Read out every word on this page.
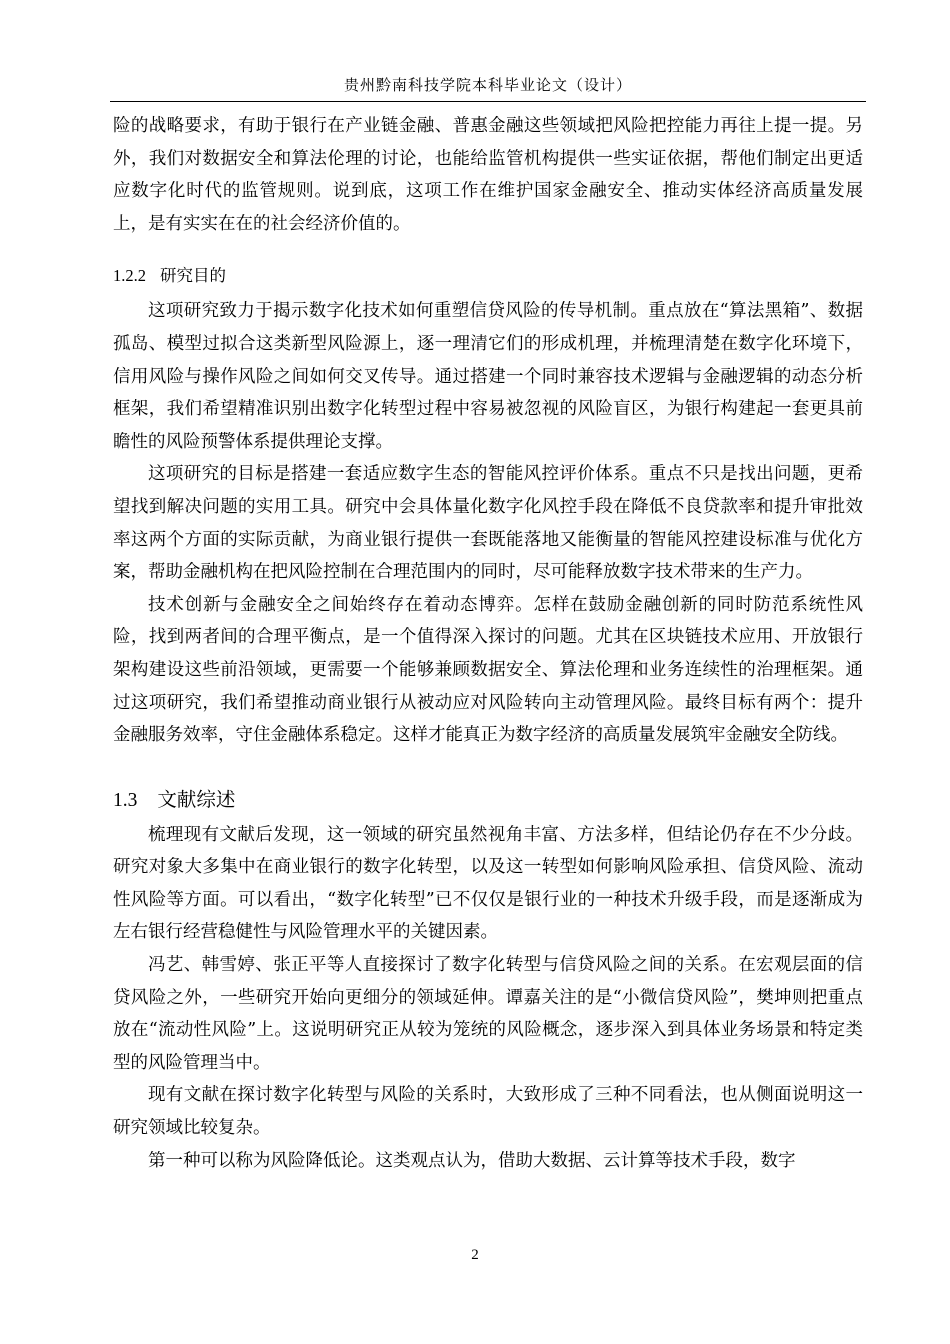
贵州黔南科技学院本科毕业论文（设计）

险的战略要求，有助于银行在产业链金融、普惠金融这些领域把风险把控能力再往上提一提。另外，我们对数据安全和算法伦理的讨论，也能给监管机构提供一些实证依据，帮他们制定出更适应数字化时代的监管规则。说到底，这项工作在维护国家金融安全、推动实体经济高质量发展上，是有实实在在的社会经济价值的。

1.2.2 研究目的

这项研究致力于揭示数字化技术如何重塑信贷风险的传导机制。重点放在“算法黑箱”、数据孤岛、模型过拟合这类新型风险源上，逐一理清它们的形成机理，并梳理清楚在数字化环境下，信用风险与操作风险之间如何交叉传导。通过搭建一个同时兼容技术逻辑与金融逻辑的动态分析框架，我们希望精准识别出数字化转型过程中容易被忽视的风险盲区，为银行构建起一套更具前瞻性的风险预警体系提供理论支撑。

这项研究的目标是搭建一套适应数字生态的智能风控评价体系。重点不只是找出问题，更希望找到解决问题的实用工具。研究中会具体量化数字化风控手段在降低不良贷款率和提升审批效率这两个方面的实际贡献，为商业银行提供一套既能落地又能衡量的智能风控建设标准与优化方案，帮助金融机构在把风险控制在合理范围内的同时，尽可能释放数字技术带来的生产力。

技术创新与金融安全之间始终存在着动态博弈。怎样在鼓励金融创新的同时防范系统性风险，找到两者间的合理平衡点，是一个值得深入探讨的问题。尤其在区块链技术应用、开放银行架构建设这些前沿领域，更需要一个能够兼顾数据安全、算法伦理和业务连续性的治理框架。通过这项研究，我们希望推动商业银行从被动应对风险转向主动管理风险。最终目标有两个：提升金融服务效率，守住金融体系稳定。这样才能真正为数字经济的高质量发展筑牢金融安全防线。

1.3 文献综述

梳理现有文献后发现，这一领域的研究虽然视角丰富、方法多样，但结论仍存在不少分歧。研究对象大多集中在商业银行的数字化转型，以及这一转型如何影响风险承担、信贷风险、流动性风险等方面。可以看出，“数字化转型”已不仅仅是银行业的一种技术升级手段，而是逐渐成为左右银行经营稳健性与风险管理水平的关键因素。

冯艺、韩雪婷、张正平等人直接探讨了数字化转型与信贷风险之间的关系。在宏观层面的信贷风险之外，一些研究开始向更细分的领域延伸。谭嘉关注的是“小微信贷风险”，樊坤则把重点放在“流动性风险”上。这说明研究正从较为笼统的风险概念，逐步深入到具体业务场景和特定类型的风险管理当中。

现有文献在探讨数字化转型与风险的关系时，大致形成了三种不同看法，也从侧面说明这一研究领域比较复杂。

第一种可以称为风险降低论。这类观点认为，借助大数据、云计算等技术手段，数字

2
